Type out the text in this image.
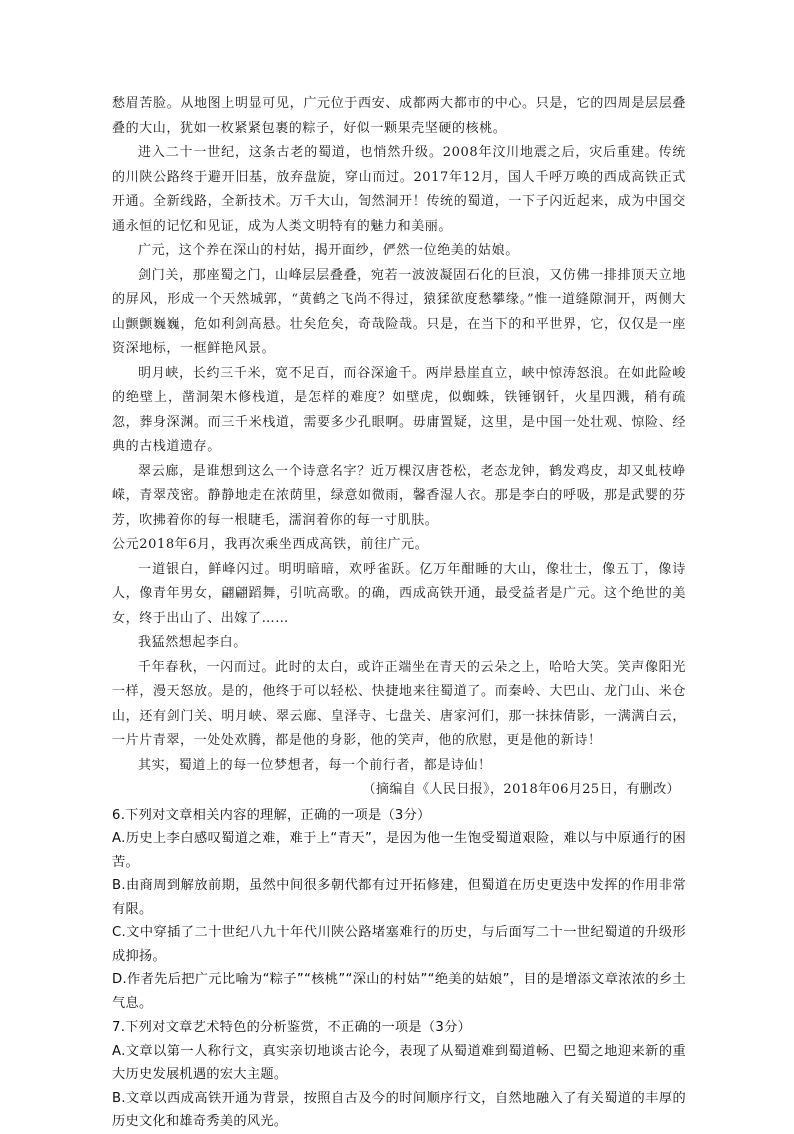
愁眉苦脸。从地图上明显可见，广元位于西安、成都两大都市的中心。只是，它的四周是层层叠叠的大山，犹如一枚紧紧包裹的粽子，好似一颗果壳坚硬的核桃。

进入二十一世纪，这条古老的蜀道，也悄然升级。2008年汶川地震之后，灾后重建。传统的川陕公路终于避开旧基，放弃盘旋，穿山而过。2017年12月，国人千呼万唤的西成高铁正式开通。全新线路，全新技术。万千大山，訇然洞开！传统的蜀道，一下子闪近起来，成为中国交通永恒的记忆和见证，成为人类文明特有的魅力和美丽。

广元，这个养在深山的村姑，揭开面纱，俨然一位绝美的姑娘。

剑门关，那座蜀之门，山峰层层叠叠，宛若一波波凝固石化的巨浪，又仿佛一排排顶天立地的屏风，形成一个天然城郭，“黄鹤之飞尚不得过，猿猱欲度愁攀缘。”惟一道缝隙洞开，两侧大山颤颤巍巍，危如利剑高悬。壮矣危矣，奇哉险哉。只是，在当下的和平世界，它，仅仅是一座资深地标，一框鲜艳风景。

明月峡，长约三千米，宽不足百，而谷深逾千。两岸悬崖直立，峡中惊涛怒浪。在如此险峻的绝壁上，凿洞架木修栈道，是怎样的难度？如壁虎，似蜘蛛，铁锤钢钎，火星四溅，稍有疏忽，葬身深渊。而三千米栈道，需要多少孔眼啊。毋庸置疑，这里，是中国一处壮观、惊险、经典的古栈道遗存。

翠云廊，是谁想到这么一个诗意名字？近万棵汉唐苍松，老态龙钟，鹤发鸡皮，却又虬枝峥嵘，青翠茂密。静静地走在浓荫里，绿意如微雨，馨香湿人衣。那是李白的呼吸，那是武婴的芬芳，吹拂着你的每一根睫毛，濡润着你的每一寸肌肤。

公元2018年6月，我再次乘坐西成高铁，前往广元。

一道银白，鲜峰闪过。明明暗暗，欢呼雀跃。亿万年酣睡的大山，像壮士，像五丁，像诗人，像青年男女，翩翩蹈舞，引吭高歌。的确，西成高铁开通，最受益者是广元。这个绝世的美女，终于出山了、出嫁了……

我猛然想起李白。

千年春秋，一闪而过。此时的太白，或许正端坐在青天的云朵之上，哈哈大笑。笑声像阳光一样，漫天怒放。是的，他终于可以轻松、快捷地来往蜀道了。而秦岭、大巴山、龙门山、米仓山，还有剑门关、明月峡、翠云廊、皇泽寺、七盘关、唐家河们，那一抹抹倩影，一满满白云，一片片青翠，一处处欢腾，都是他的身影，他的笑声，他的欣慰，更是他的新诗！

其实，蜀道上的每一位梦想者，每一个前行者，都是诗仙！

（摘编自《人民日报》，2018年06月25日，有删改）

6.下列对文章相关内容的理解，正确的一项是（3分）

A.历史上李白感叹蜀道之难，难于上“青天”，是因为他一生饱受蜀道艰险，难以与中原通行的困苦。

B.由商周到解放前期，虽然中间很多朝代都有过开拓修建，但蜀道在历史更迭中发挥的作用非常有限。

C.文中穿插了二十世纪八九十年代川陕公路堵塞难行的历史，与后面写二十一世纪蜀道的升级形成抑扬。

D.作者先后把广元比喻为“粽子”“核桃”“深山的村姑”“绝美的姑娘”，目的是增添文章浓浓的乡土气息。

7.下列对文章艺术特色的分析鉴赏，不正确的一项是（3分）

A.文章以第一人称行文，真实亲切地谈古论今，表现了从蜀道难到蜀道畅、巴蜀之地迎来新的重大历史发展机遇的宏大主题。

B.文章以西成高铁开通为背景，按照自古及今的时间顺序行文，自然地融入了有关蜀道的丰厚的历史文化和雄奇秀美的风光。
